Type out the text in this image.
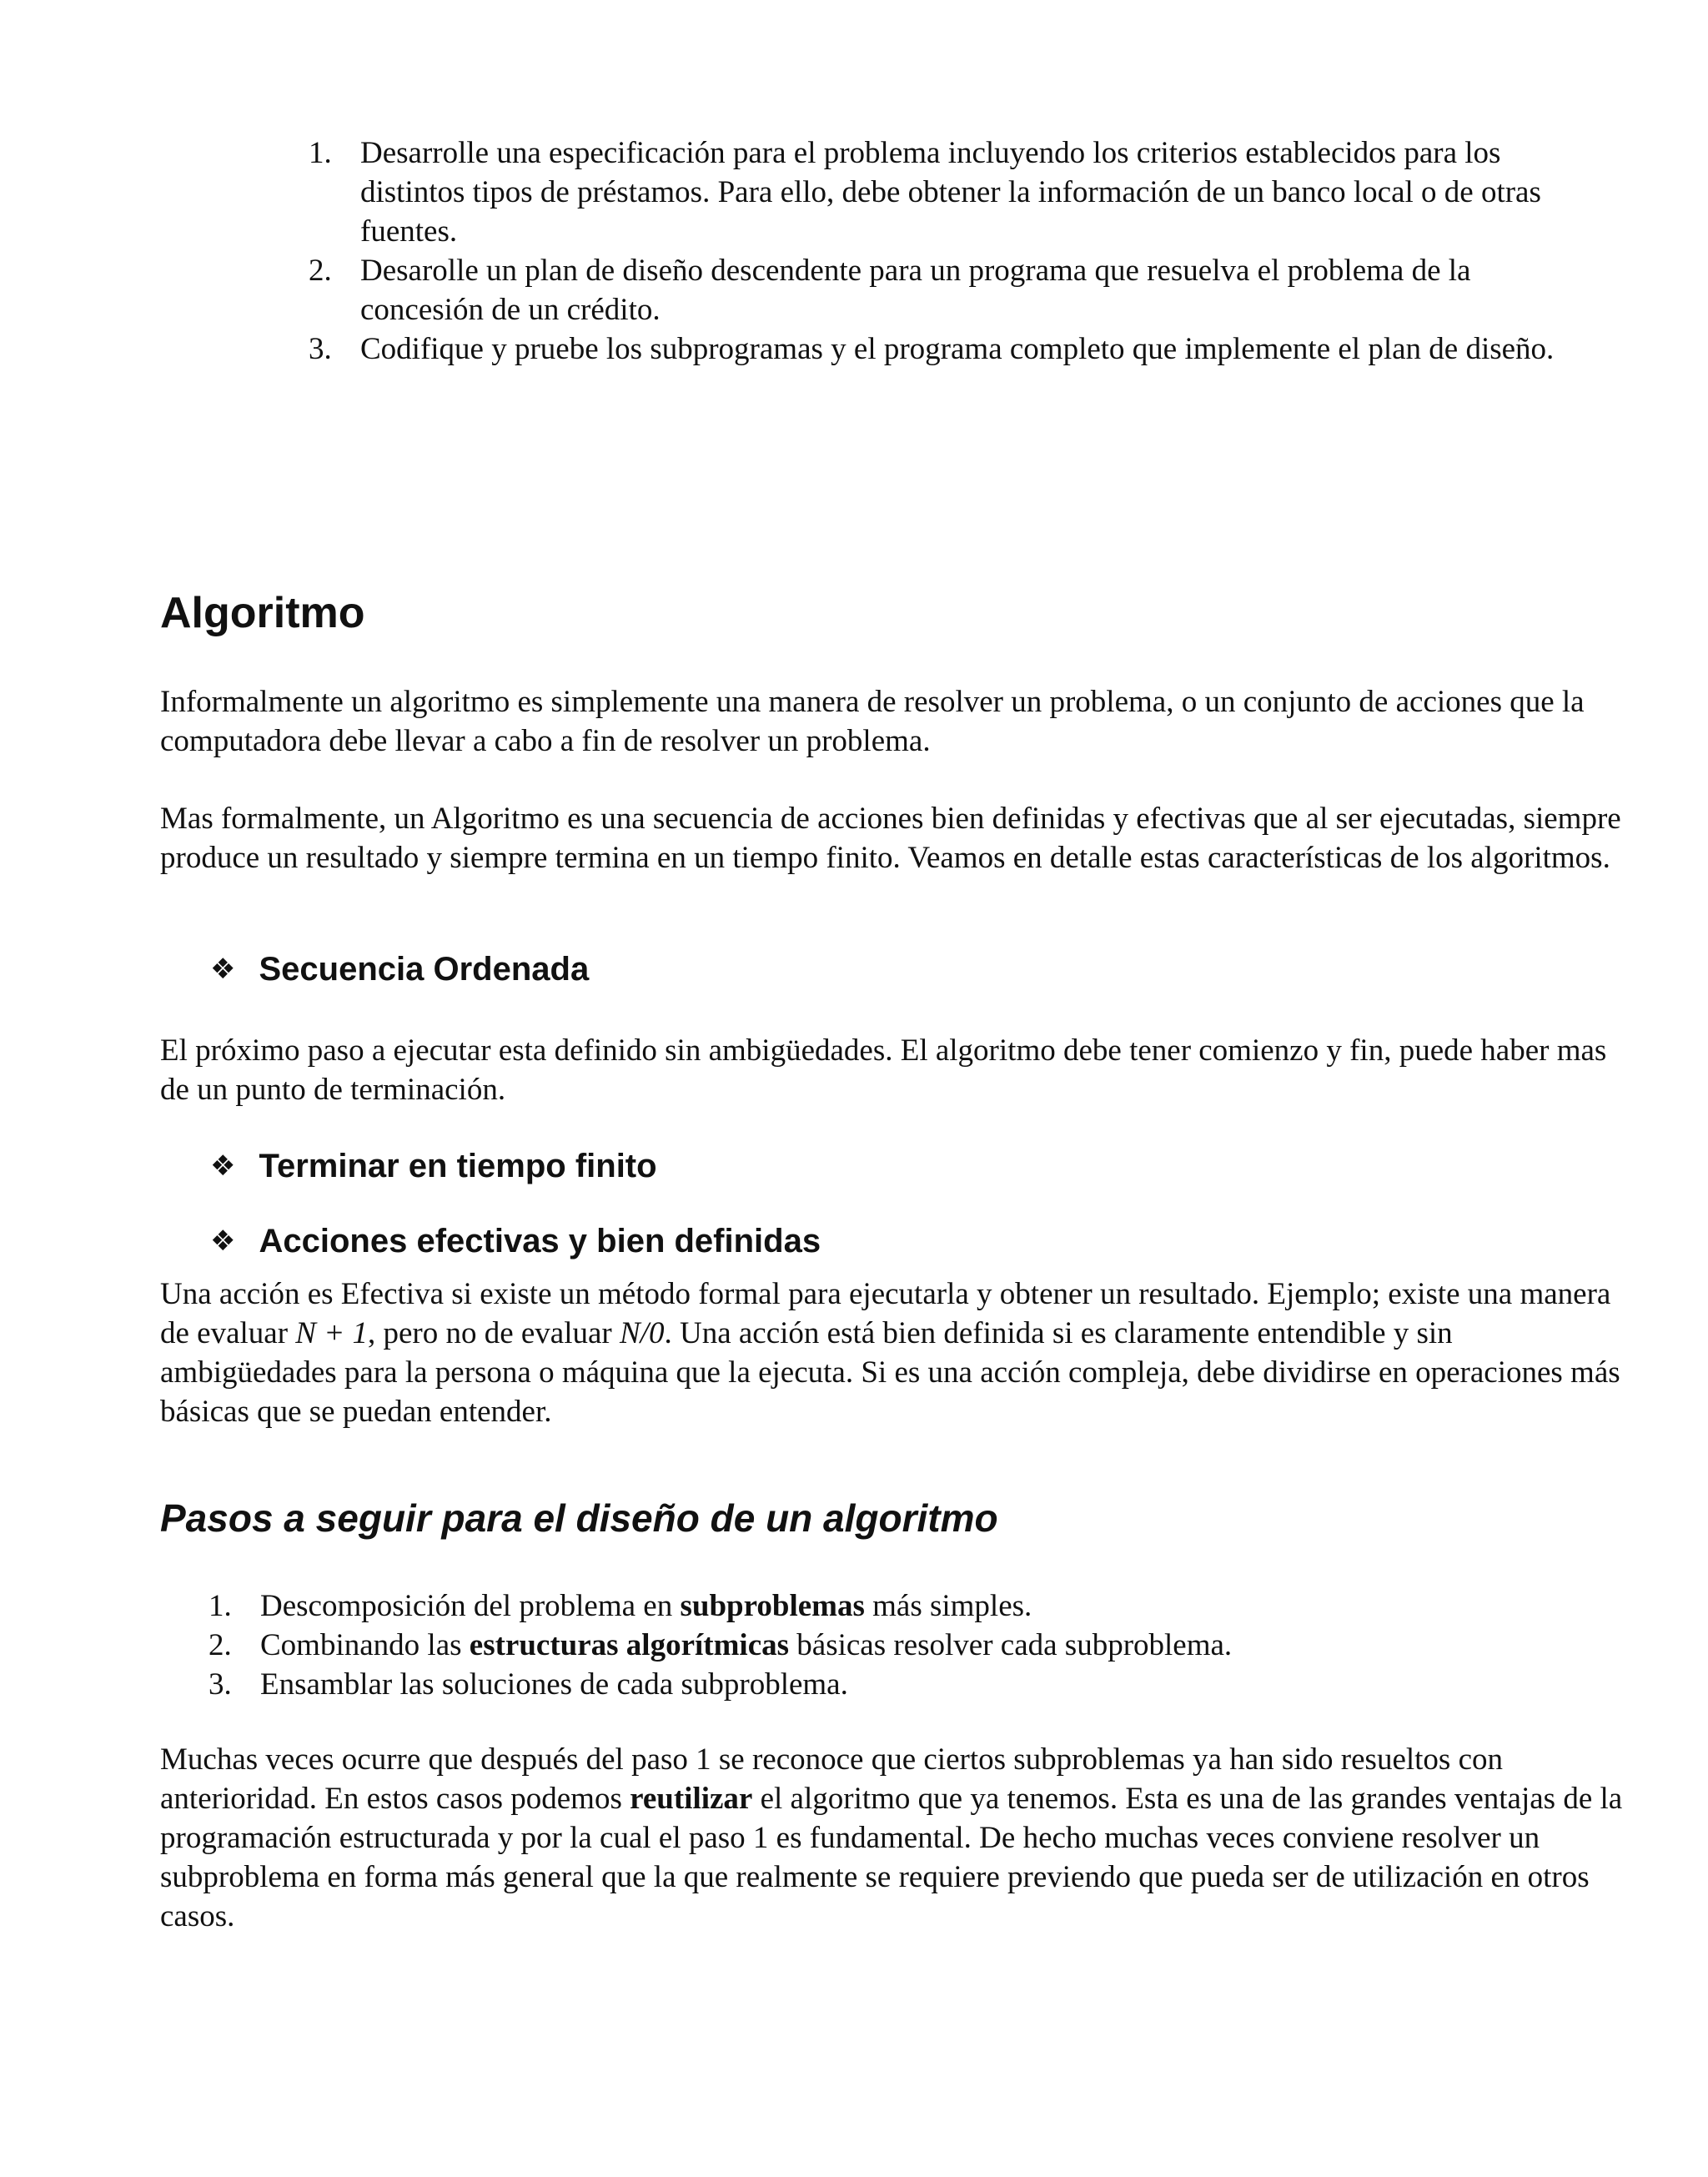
1. Desarrolle una especificación para el problema incluyendo los criterios establecidos para los distintos tipos de préstamos. Para ello, debe obtener la información de un banco local o de otras fuentes.
2. Desarolle un plan de diseño descendente para un programa que resuelva el problema de la concesión de un crédito.
3. Codifique y pruebe los subprogramas y el programa completo que implemente el plan de diseño.
Algoritmo

Informalmente un algoritmo es simplemente una manera de resolver un problema, o un conjunto de acciones que la computadora debe llevar a cabo a fin de resolver un problema.

Mas formalmente, un Algoritmo es una secuencia de acciones bien definidas y efectivas que al ser ejecutadas, siempre produce un resultado y siempre termina en un tiempo finito. Veamos en detalle estas características de los algoritmos.

❖ Secuencia Ordenada

El próximo paso a ejecutar esta definido sin ambigüedades. El algoritmo debe tener comienzo y fin, puede haber mas de un punto de terminación.

❖ Terminar en tiempo finito
❖ Acciones efectivas y bien definidas

Una acción es Efectiva si existe un método formal para ejecutarla y obtener un resultado. Ejemplo; existe una manera de evaluar N + 1, pero no de evaluar N/0. Una acción está bien definida si es claramente entendible y sin ambigüedades para la persona o máquina que la ejecuta. Si es una acción compleja, debe dividirse en operaciones más básicas que se puedan entender.

Pasos a seguir para el diseño de un algoritmo
1. Descomposición del problema en subproblemas más simples.
2. Combinando las estructuras algorítmicas básicas resolver cada subproblema.
3. Ensamblar las soluciones de cada subproblema.

Muchas veces ocurre que después del paso 1 se reconoce que ciertos subproblemas ya han sido resueltos con anterioridad. En estos casos podemos reutilizar el algoritmo que ya tenemos. Esta es una de las grandes ventajas de la programación estructurada y por la cual el paso 1 es fundamental. De hecho muchas veces conviene resolver un subproblema en forma más general que la que realmente se requiere previendo que pueda ser de utilización en otros casos.
